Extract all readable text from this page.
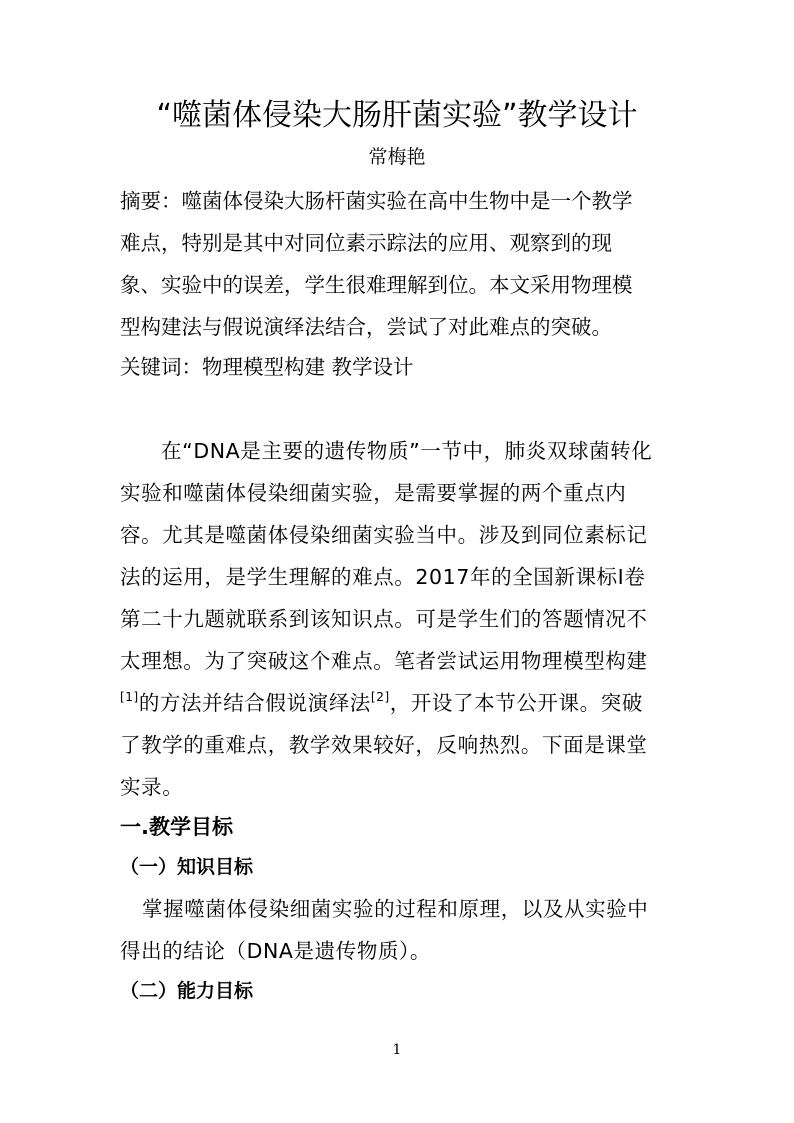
“噬菌体侵染大肠肝菌实验”教学设计
常梅艳
摘要：噬菌体侵染大肠杆菌实验在高中生物中是一个教学
难点，特别是其中对同位素示踪法的应用、观察到的现
象、实验中的误差，学生很难理解到位。本文采用物理模
型构建法与假说演绎法结合，尝试了对此难点的突破。
关键词：物理模型构建 教学设计
在“DNA是主要的遗传物质”一节中，肺炎双球菌转化
实验和噬菌体侵染细菌实验，是需要掌握的两个重点内
容。尤其是噬菌体侵染细菌实验当中。涉及到同位素标记
法的运用，是学生理解的难点。2017年的全国新课标Ⅰ卷
第二十九题就联系到该知识点。可是学生们的答题情况不
太理想。为了突破这个难点。笔者尝试运用物理模型构建
[1]的方法并结合假说演绎法[2]，开设了本节公开课。突破
了教学的重难点，教学效果较好，反响热烈。下面是课堂
实录。
一.教学目标
（一）知识目标
掌握噬菌体侵染细菌实验的过程和原理，以及从实验中
得出的结论（DNA是遗传物质）。
（二）能力目标
1
